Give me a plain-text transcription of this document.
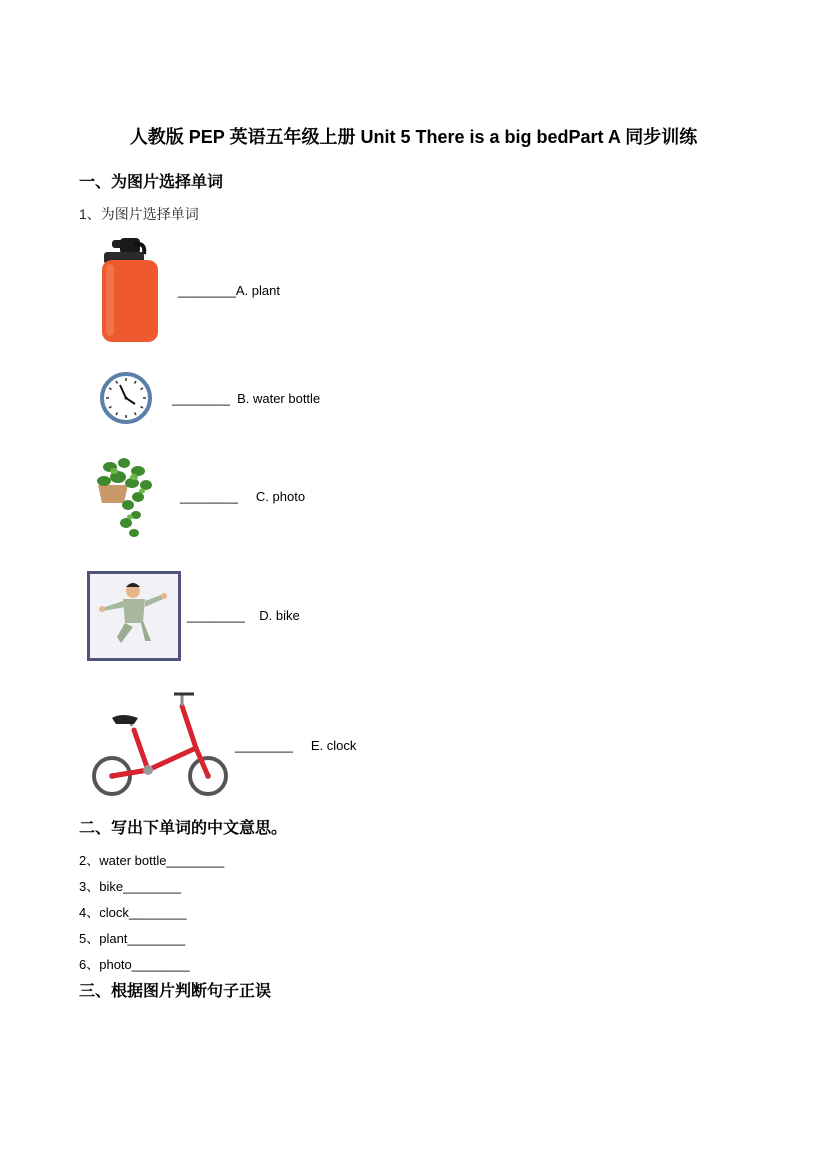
人教版 PEP 英语五年级上册 Unit 5 There is a big bedPart A 同步训练
一、为图片选择单词
1、为图片选择单词
________A. plant
________  B. water bottle
________     C. photo
________    D. bike
________     E. clock
二、写出下单词的中文意思。
2、water bottle________
3、bike________
4、clock________
5、plant________
6、photo________
三、根据图片判断句子正误
